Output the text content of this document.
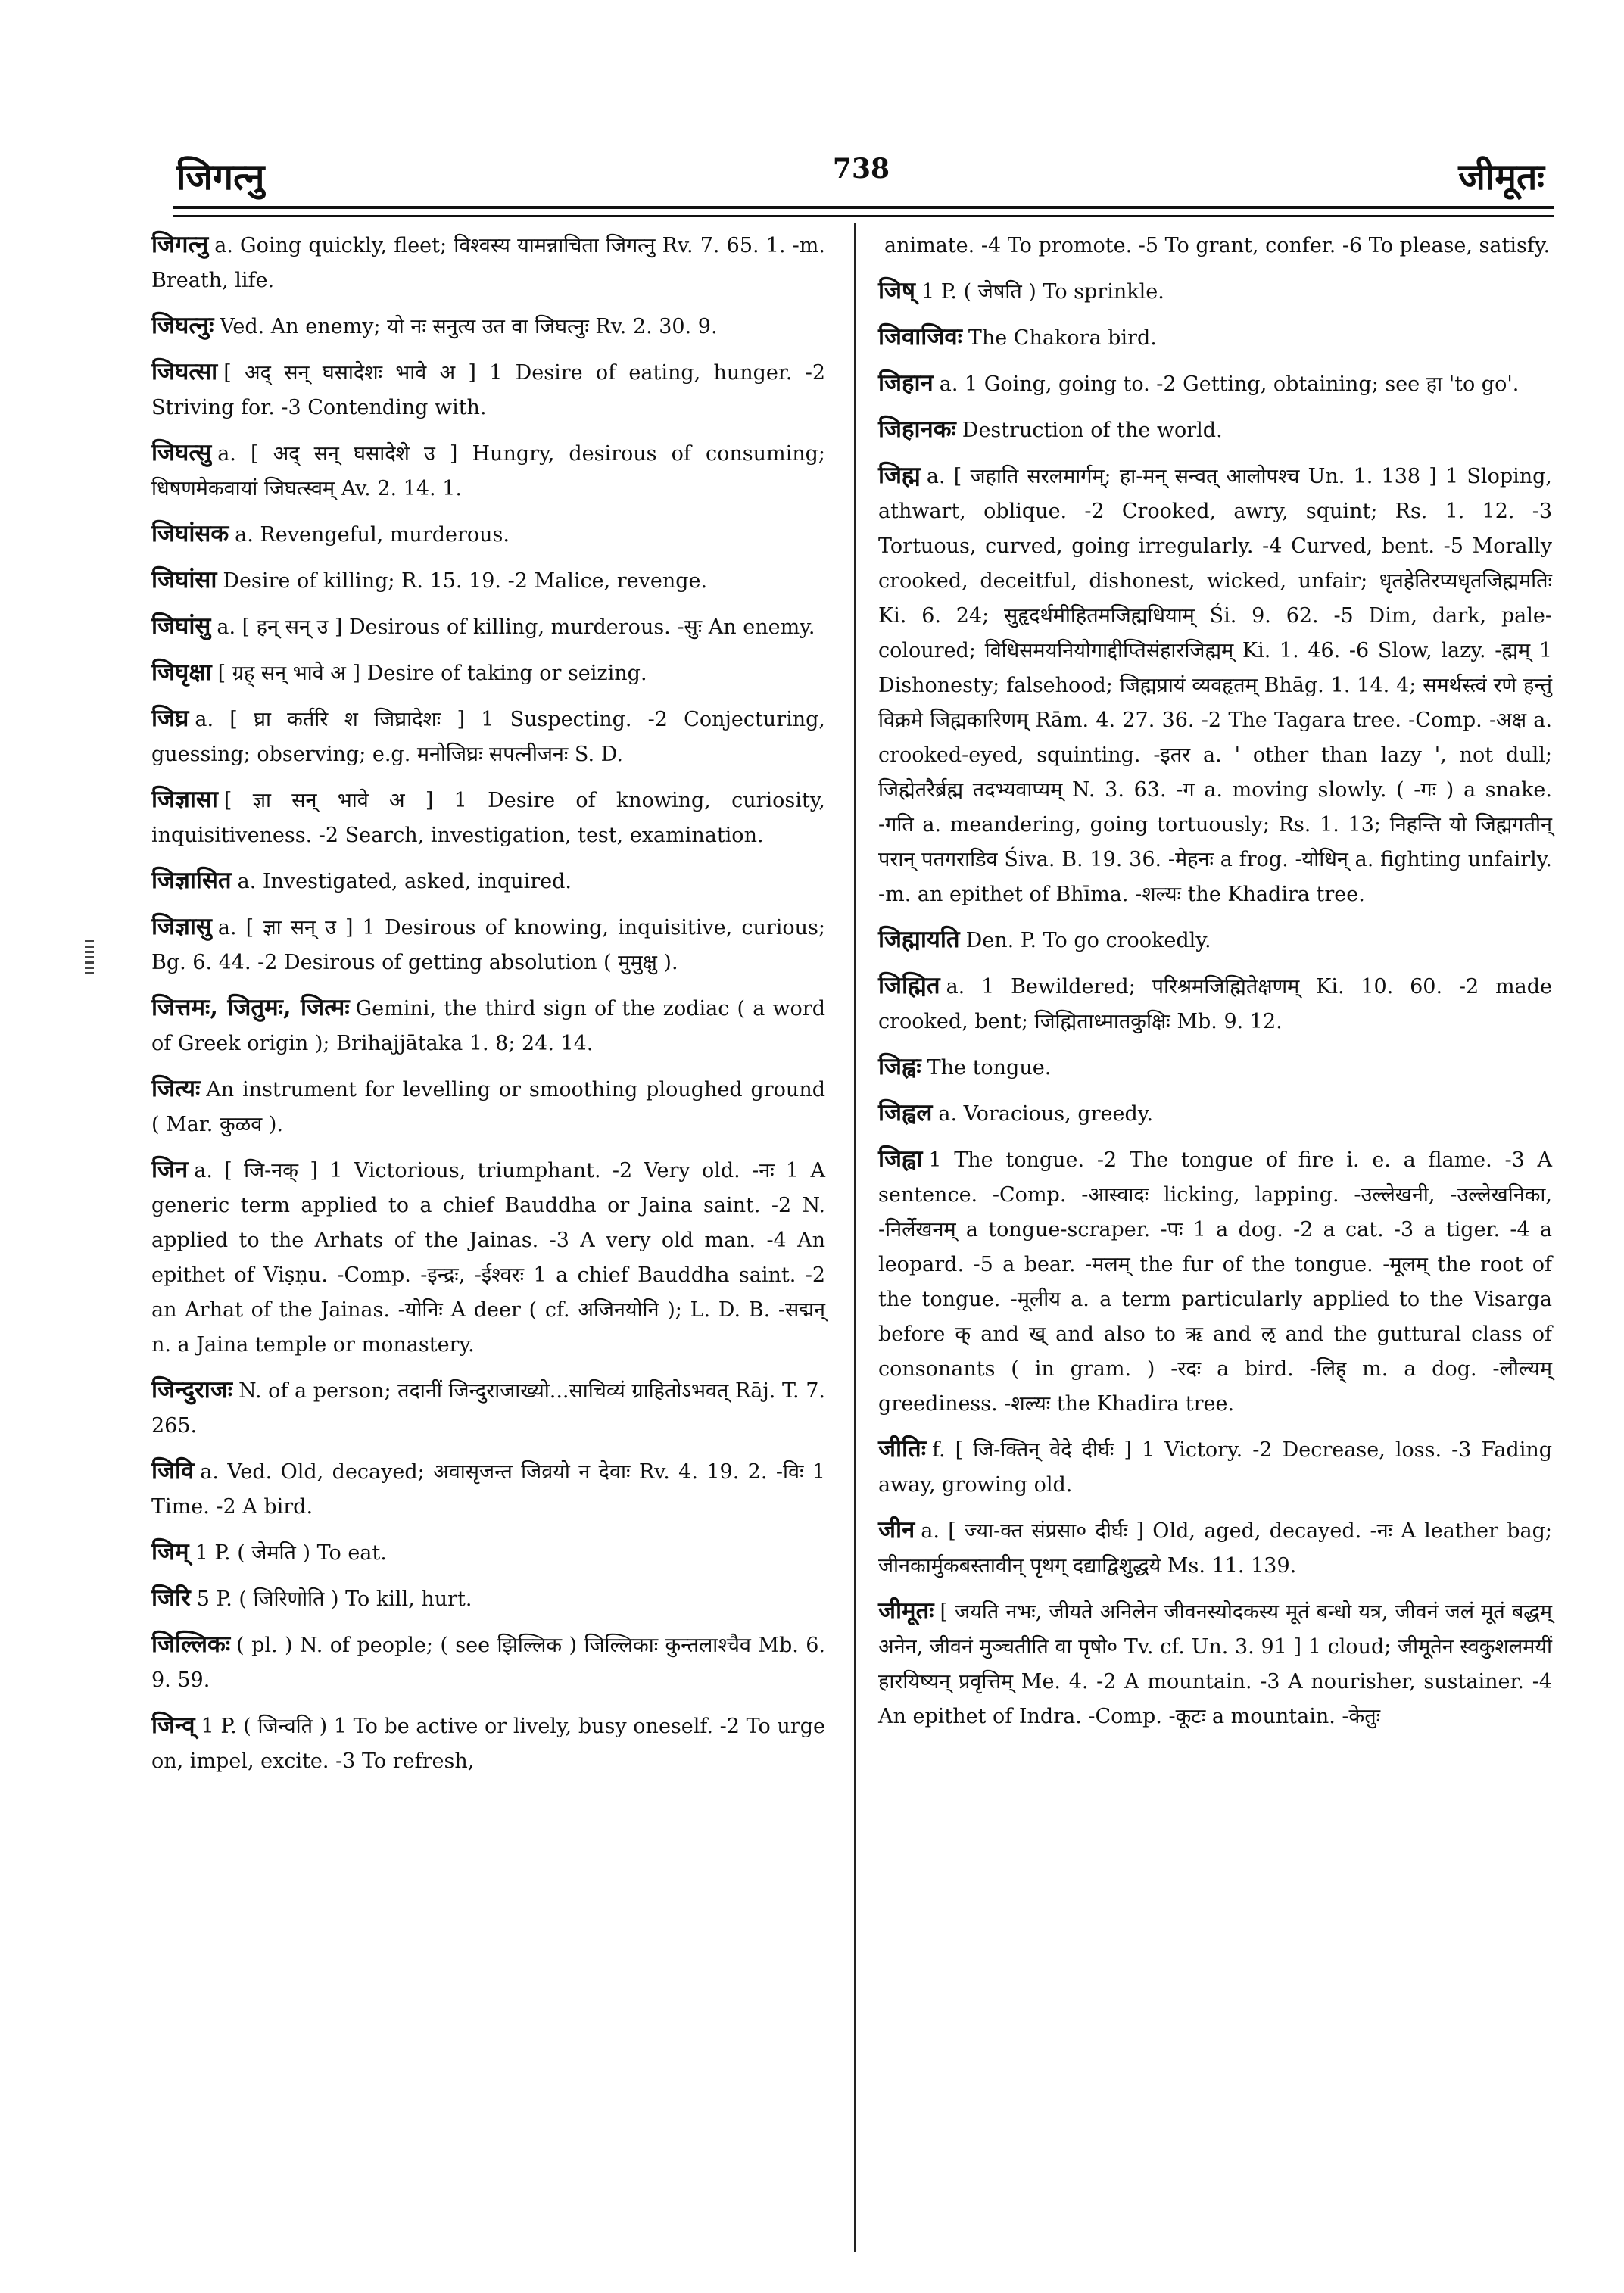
जिगत्नु	738	जीमूतः

जिगत्नु a. Going quickly, fleet; विश्वस्य यामन्नाचिता जिगत्नु Rv. 7. 65. 1. -m. Breath, life.

जिघत्नुः Ved. An enemy; यो नः सनुत्य उत वा जिघत्नुः Rv. 2. 30. 9.

जिघत्सा [ अद् सन् घसादेशः भावे अ ] 1 Desire of eating, hunger. -2 Striving for. -3 Contending with.

जिघत्सु a. [ अद् सन् घसादेशे उ ] Hungry, desirous of consuming; धिषणमेकवायां जिघत्स्वम् Av. 2. 14. 1.

जिघांसक a. Revengeful, murderous.

जिघांसा Desire of killing; R. 15. 19. -2 Malice, revenge.

जिघांसु a. [ हन् सन् उ ] Desirous of killing, murderous. -सुः An enemy.

जिघृक्षा [ ग्रह् सन् भावे अ ] Desire of taking or seizing.

जिघ्र a. [ घ्रा कर्तरि श जिघ्रादेशः ] 1 Suspecting. -2 Conjecturing, guessing; observing; e.g. मनोजिघ्रः सपत्नीजनः S. D.

जिज्ञासा [ ज्ञा सन् भावे अ ] 1 Desire of knowing, curiosity, inquisitiveness. -2 Search, investigation, test, examination.

जिज्ञासित a. Investigated, asked, inquired.

जिज्ञासु a. [ ज्ञा सन् उ ] 1 Desirous of knowing, inquisitive, curious; Bg. 6. 44. -2 Desirous of getting absolution ( मुमुक्षु ).

जित्तमः, जितुमः, जित्मः Gemini, the third sign of the zodiac ( a word of Greek origin ); Brihajjātaka 1. 8; 24. 14.

जित्यः An instrument for levelling or smoothing ploughed ground ( Mar. कुळव ).

जिन a. [ जि-नक् ] 1 Victorious, triumphant. -2 Very old. -नः 1 A generic term applied to a chief Bauddha or Jaina saint. -2 N. applied to the Arhats of the Jainas. -3 A very old man. -4 An epithet of Viṣṇu. -Comp. -इन्द्रः, -ईश्वरः 1 a chief Bauddha saint. -2 an Arhat of the Jainas. -योनिः A deer ( cf. अजिनयोनि ); L. D. B. -सद्मन् n. a Jaina temple or monastery.

जिन्दुराजः N. of a person; तदानीं जिन्दुराजाख्यो...साचिव्यं ग्राहितोऽभवत् Rāj. T. 7. 265.

जिवि a. Ved. Old, decayed; अवासृजन्त जिव्रयो न देवाः Rv. 4. 19. 2. -विः 1 Time. -2 A bird.

जिम् 1 P. ( जेमति ) To eat.

जिरि 5 P. ( जिरिणोति ) To kill, hurt.

जिल्लिकः ( pl. ) N. of people; ( see झिल्लिक ) जिल्लिकाः कुन्तलाश्चैव Mb. 6. 9. 59.

जिन्व् 1 P. ( जिन्वति ) 1 To be active or lively, busy oneself. -2 To urge on, impel, excite. -3 To refresh,

animate. -4 To promote. -5 To grant, confer. -6 To please, satisfy.

जिष् 1 P. ( जेषति ) To sprinkle.

जिवाजिवः The Chakora bird.

जिहान a. 1 Going, going to. -2 Getting, obtaining; see हा 'to go'.

जिहानकः Destruction of the world.

जिह्म a. [ जहाति सरलमार्गम्; हा-मन् सन्वत् आलोपश्च Un. 1. 138 ] 1 Sloping, athwart, oblique. -2 Crooked, awry, squint; Rs. 1. 12. -3 Tortuous, curved, going irregularly. -4 Curved, bent. -5 Morally crooked, deceitful, dishonest, wicked, unfair; धृतहेतिरप्यधृतजिह्ममतिः Ki. 6. 24; सुहृदर्थमीहितमजिह्मधियाम् Śi. 9. 62. -5 Dim, dark, pale-coloured; विधिसमयनियोगाद्दीप्तिसंहारजिह्मम् Ki. 1. 46. -6 Slow, lazy. -ह्मम् 1 Dishonesty; falsehood; जिह्मप्रायं व्यवहृतम् Bhāg. 1. 14. 4; समर्थस्त्वं रणे हन्तुं विक्रमे जिह्मकारिणम् Rām. 4. 27. 36. -2 The Tagara tree. -Comp. -अक्ष a. crooked-eyed, squinting. -इतर a. ' other than lazy ', not dull; जिह्मेतरैर्ब्रह्म तदभ्यवाप्यम् N. 3. 63. -ग a. moving slowly. ( -गः ) a snake. -गति a. meandering, going tortuously; Rs. 1. 13; निहन्ति यो जिह्मगतीन् परान् पतगराडिव Śiva. B. 19. 36. -मेहनः a frog. -योधिन् a. fighting unfairly. -m. an epithet of Bhīma. -शल्यः the Khadira tree.

जिह्मायति Den. P. To go crookedly.

जिह्मित a. 1 Bewildered; परिश्रमजिह्मितेक्षणम् Ki. 10. 60. -2 made crooked, bent; जिह्मिताध्मातकुक्षिः Mb. 9. 12.

जिह्वः The tongue.

जिह्वल a. Voracious, greedy.

जिह्वा 1 The tongue. -2 The tongue of fire i. e. a flame. -3 A sentence. -Comp. -आस्वादः licking, lapping. -उल्लेखनी, -उल्लेखनिका, -निर्लेखनम् a tongue-scraper. -पः 1 a dog. -2 a cat. -3 a tiger. -4 a leopard. -5 a bear. -मलम् the fur of the tongue. -मूलम् the root of the tongue. -मूलीय a. a term particularly applied to the Visarga before क् and ख् and also to ऋ and ऌ and the guttural class of consonants ( in gram. ) -रदः a bird. -लिह् m. a dog. -लौल्यम् greediness. -शल्यः the Khadira tree.

जीतिः f. [ जि-क्तिन् वेदे दीर्घः ] 1 Victory. -2 Decrease, loss. -3 Fading away, growing old.

जीन a. [ ज्या-क्त संप्रसा० दीर्घः ] Old, aged, decayed. -नः A leather bag; जीनकार्मुकबस्तावीन् पृथग् दद्याद्विशुद्धये Ms. 11. 139.

जीमूतः [ जयति नभः, जीयते अनिलेन जीवनस्योदकस्य मूतं बन्धो यत्र, जीवनं जलं मूतं बद्धम् अनेन, जीवनं मुञ्चतीति वा पृषो० Tv. cf. Un. 3. 91 ] 1 cloud; जीमूतेन स्वकुशलमयीं हारयिष्यन् प्रवृत्तिम् Me. 4. -2 A mountain. -3 A nourisher, sustainer. -4 An epithet of Indra. -Comp. -कूटः a mountain. -केतुः
